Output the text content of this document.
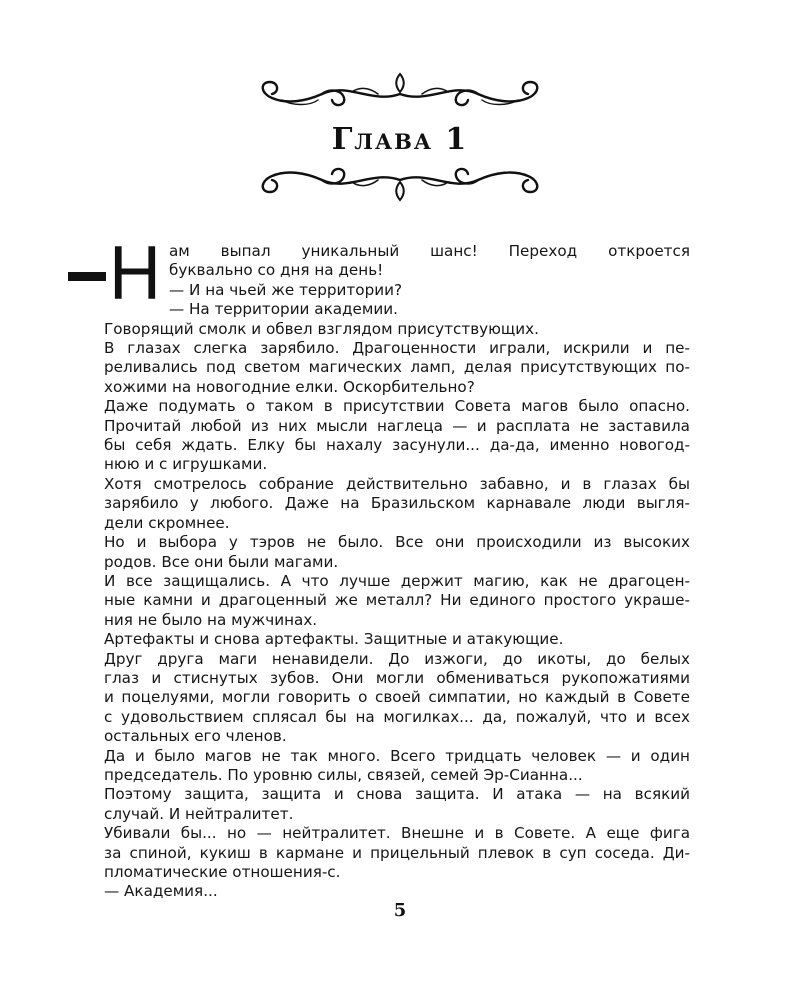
Глава 1
Н ам выпал уникальный шанс! Переход откроется
буквально со дня на день!
— И на чьей же территории?
— На территории академии.
Говорящий смолк и обвел взглядом присутствующих.
В глазах слегка зарябило. Драгоценности играли, искрили и пе-
реливались под светом магических ламп, делая присутствующих по-
хожими на новогодние елки. Оскорбительно?
Даже подумать о таком в присутствии Совета магов было опасно.
Прочитай любой из них мысли наглеца — и расплата не заставила
бы себя ждать. Елку бы нахалу засунули... да-да, именно новогод-
нюю и с игрушками.
Хотя смотрелось собрание действительно забавно, и в глазах бы
зарябило у любого. Даже на Бразильском карнавале люди выгля-
дели скромнее.
Но и выбора у тэров не было. Все они происходили из высоких
родов. Все они были магами.
И все защищались. А что лучше держит магию, как не драгоцен-
ные камни и драгоценный же металл? Ни единого простого украше-
ния не было на мужчинах.
Артефакты и снова артефакты. Защитные и атакующие.
Друг друга маги ненавидели. До изжоги, до икоты, до белых
глаз и стиснутых зубов. Они могли обмениваться рукопожатиями
и поцелуями, могли говорить о своей симпатии, но каждый в Совете
с удовольствием сплясал бы на могилках... да, пожалуй, что и всех
остальных его членов.
Да и было магов не так много. Всего тридцать человек — и один
председатель. По уровню силы, связей, семей Эр-Сианна...
Поэтому защита, защита и снова защита. И атака — на всякий
случай. И нейтралитет.
Убивали бы... но — нейтралитет. Внешне и в Совете. А еще фига
за спиной, кукиш в кармане и прицельный плевок в суп соседа. Ди-
пломатические отношения-с.
— Академия...
5
